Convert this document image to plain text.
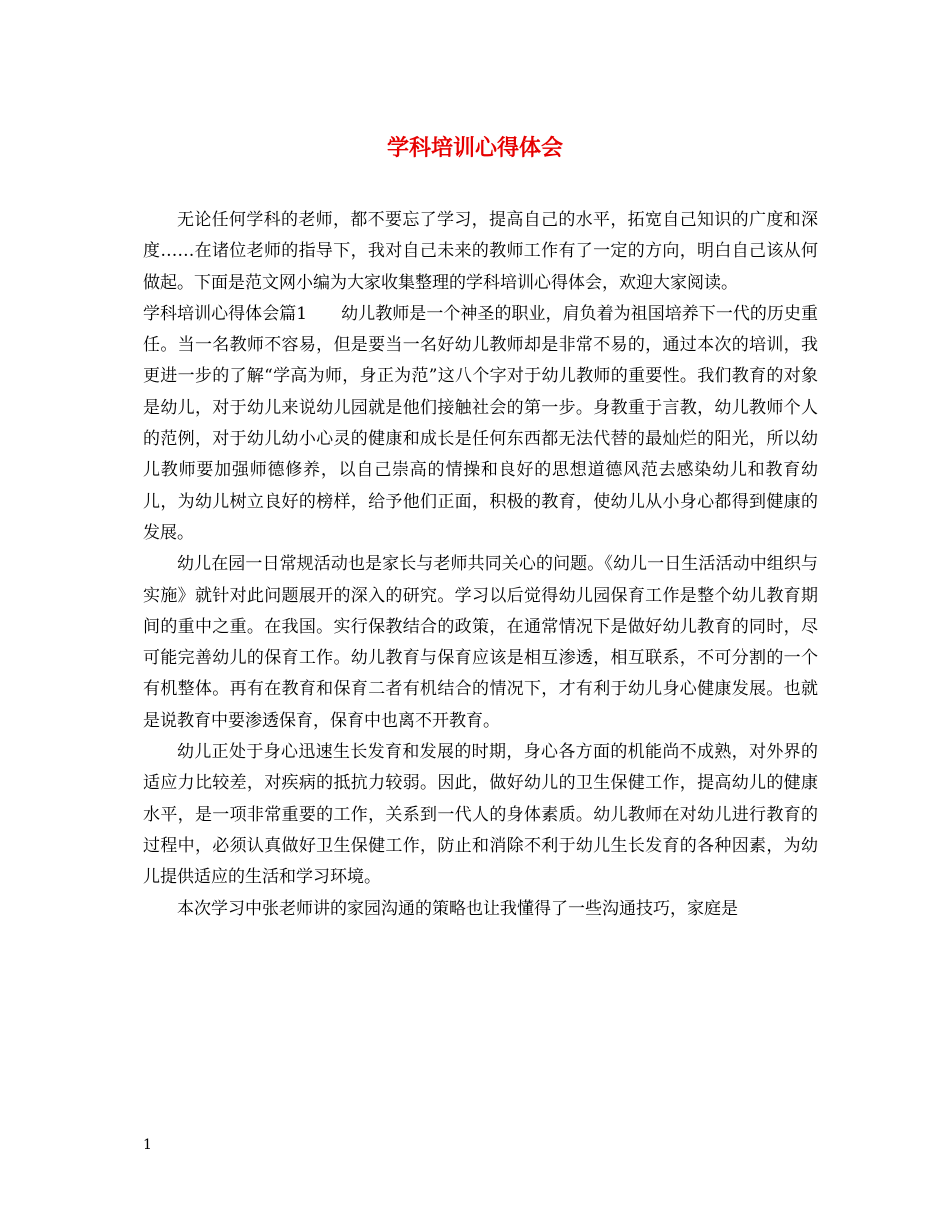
学科培训心得体会

无论任何学科的老师，都不要忘了学习，提高自己的水平，拓宽自己知识的广度和深度……在诸位老师的指导下，我对自己未来的教师工作有了一定的方向，明白自己该从何做起。下面是范文网小编为大家收集整理的学科培训心得体会，欢迎大家阅读。

学科培训心得体会篇1　　幼儿教师是一个神圣的职业，肩负着为祖国培养下一代的历史重任。当一名教师不容易，但是要当一名好幼儿教师却是非常不易的，通过本次的培训，我更进一步的了解“学高为师，身正为范”这八个字对于幼儿教师的重要性。我们教育的对象是幼儿，对于幼儿来说幼儿园就是他们接触社会的第一步。身教重于言教，幼儿教师个人的范例，对于幼儿幼小心灵的健康和成长是任何东西都无法代替的最灿烂的阳光，所以幼儿教师要加强师德修养，以自己崇高的情操和良好的思想道德风范去感染幼儿和教育幼儿，为幼儿树立良好的榜样，给予他们正面，积极的教育，使幼儿从小身心都得到健康的发展。

幼儿在园一日常规活动也是家长与老师共同关心的问题。《幼儿一日生活活动中组织与实施》就针对此问题展开的深入的研究。学习以后觉得幼儿园保育工作是整个幼儿教育期间的重中之重。在我国。实行保教结合的政策，在通常情况下是做好幼儿教育的同时，尽可能完善幼儿的保育工作。幼儿教育与保育应该是相互渗透，相互联系，不可分割的一个有机整体。再有在教育和保育二者有机结合的情况下，才有利于幼儿身心健康发展。也就是说教育中要渗透保育，保育中也离不开教育。

幼儿正处于身心迅速生长发育和发展的时期，身心各方面的机能尚不成熟，对外界的适应力比较差，对疾病的抵抗力较弱。因此，做好幼儿的卫生保健工作，提高幼儿的健康水平，是一项非常重要的工作，关系到一代人的身体素质。幼儿教师在对幼儿进行教育的过程中，必须认真做好卫生保健工作，防止和消除不利于幼儿生长发育的各种因素，为幼儿提供适应的生活和学习环境。

本次学习中张老师讲的家园沟通的策略也让我懂得了一些沟通技巧，家庭是

1
